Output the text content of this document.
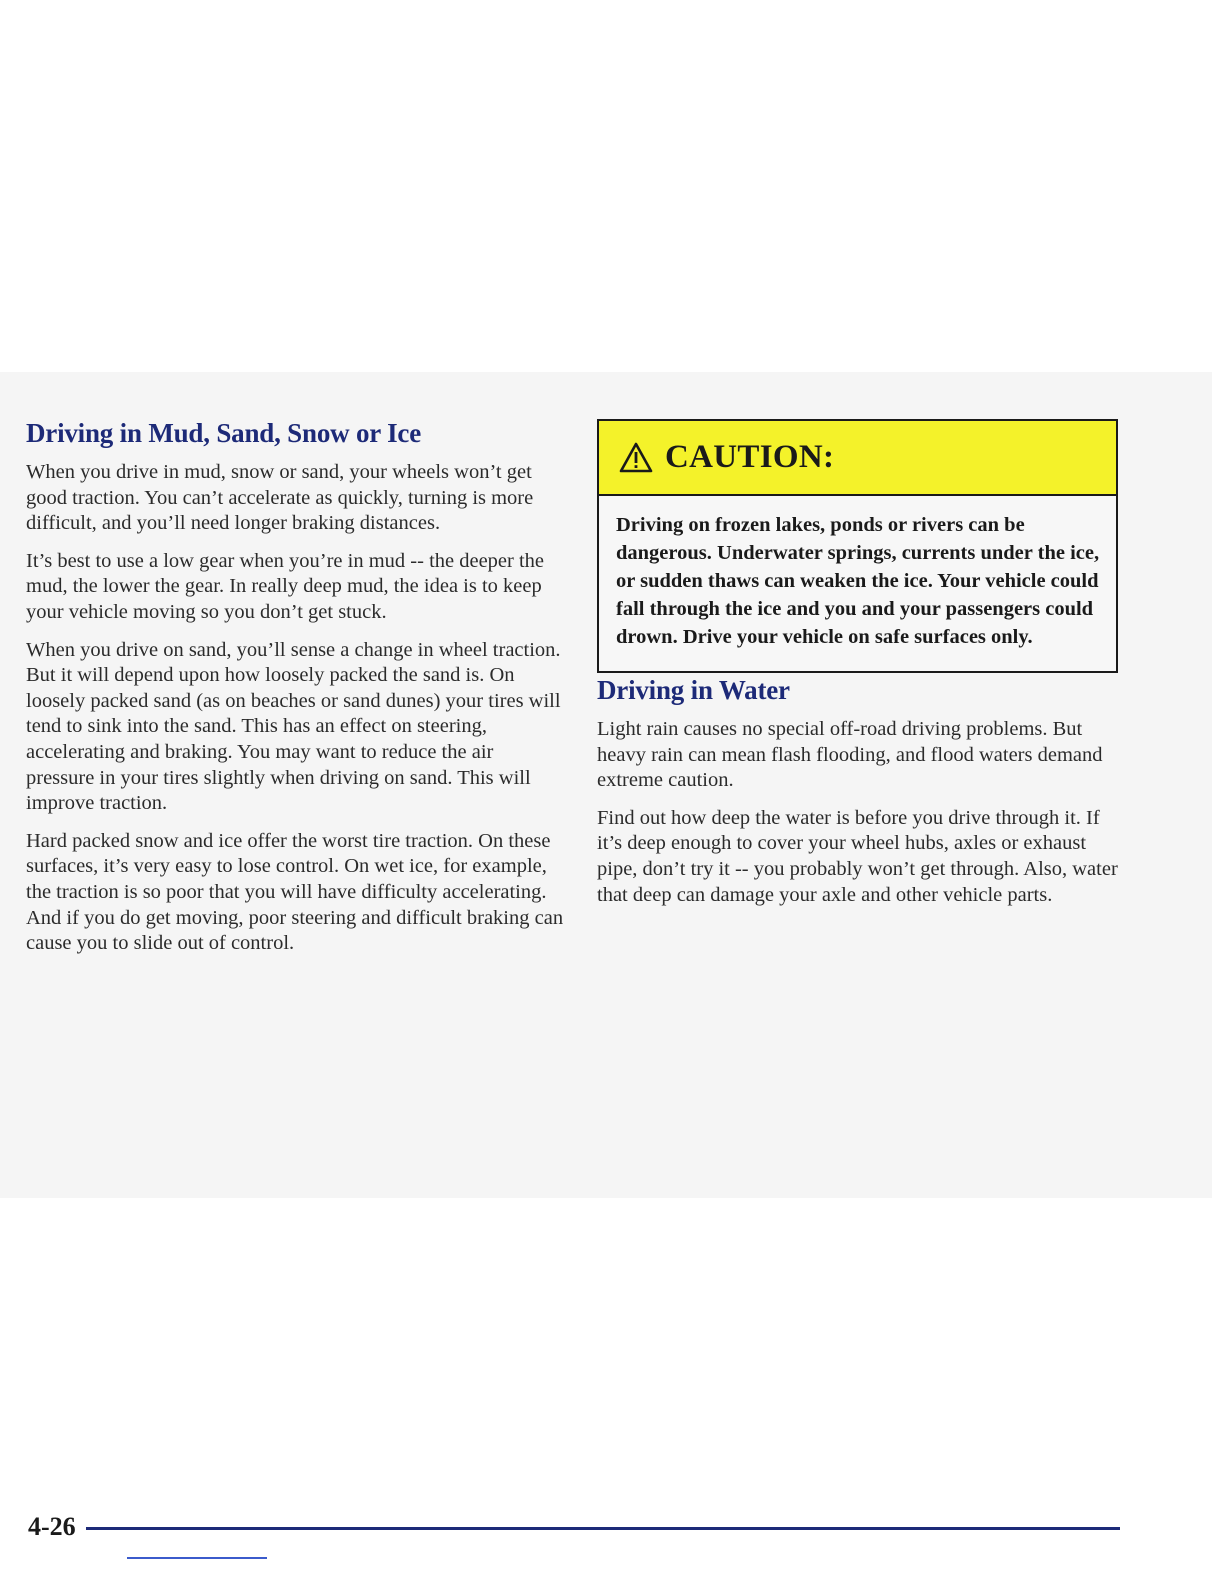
Driving in Mud, Sand, Snow or Ice

When you drive in mud, snow or sand, your wheels won’t get good traction. You can’t accelerate as quickly, turning is more difficult, and you’ll need longer braking distances.

It’s best to use a low gear when you’re in mud -- the deeper the mud, the lower the gear. In really deep mud, the idea is to keep your vehicle moving so you don’t get stuck.

When you drive on sand, you’ll sense a change in wheel traction. But it will depend upon how loosely packed the sand is. On loosely packed sand (as on beaches or sand dunes) your tires will tend to sink into the sand. This has an effect on steering, accelerating and braking. You may want to reduce the air pressure in your tires slightly when driving on sand. This will improve traction.

Hard packed snow and ice offer the worst tire traction. On these surfaces, it’s very easy to lose control. On wet ice, for example, the traction is so poor that you will have difficulty accelerating. And if you do get moving, poor steering and difficult braking can cause you to slide out of control.

CAUTION:
Driving on frozen lakes, ponds or rivers can be dangerous. Underwater springs, currents under the ice, or sudden thaws can weaken the ice. Your vehicle could fall through the ice and you and your passengers could drown. Drive your vehicle on safe surfaces only.
Driving in Water

Light rain causes no special off-road driving problems. But heavy rain can mean flash flooding, and flood waters demand extreme caution.

Find out how deep the water is before you drive through it. If it’s deep enough to cover your wheel hubs, axles or exhaust pipe, don’t try it -- you probably won’t get through. Also, water that deep can damage your axle and other vehicle parts.

4-26
